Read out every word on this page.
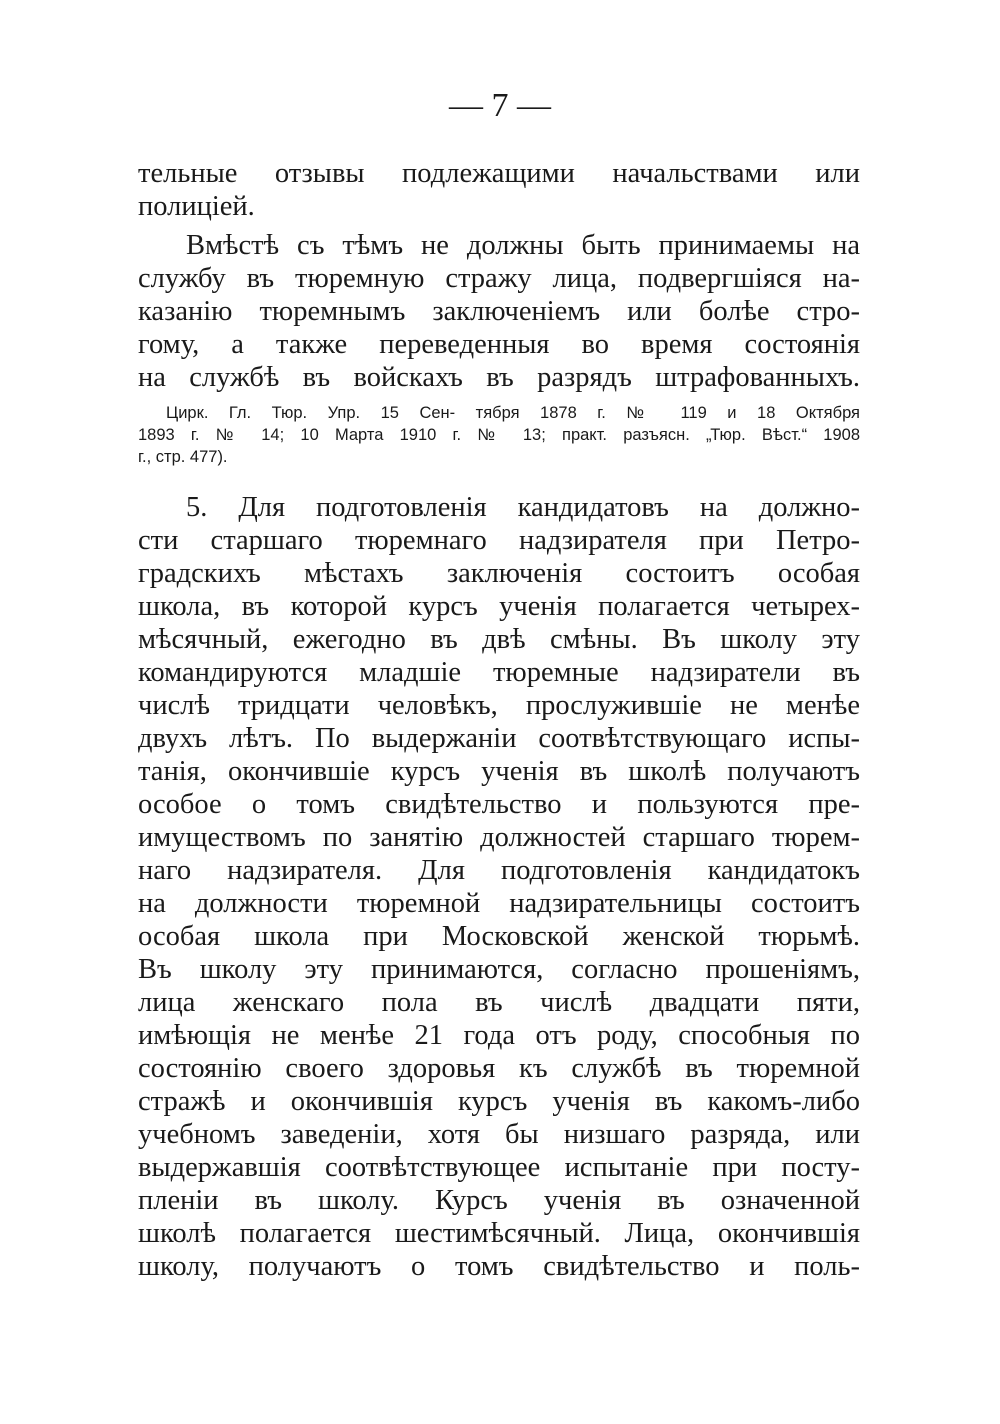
— 7 —
тельные отзывы подлежащими начальствами или
полиціей.
Вмѣстѣ съ тѣмъ не должны быть принимаемы на
службу въ тюремную стражу лица, подвергшіяся на-
казанію тюремнымъ заключеніемъ или болѣе стро-
гому, а также переведенныя во время состоянія
на службѣ въ войскахъ въ разрядъ штрафованныхъ.
Цирк. Гл. Тюр. Упр. 15 Сен- тября 1878 г. № 119 и 18 Октября
1893 г. № 14; 10 Марта 1910 г. № 13; практ. разъясн. „Тюр. Вѣст.“ 1908
г., стр. 477).
5. Для подготовленія кандидатовъ на должно-
сти старшаго тюремнаго надзирателя при Петро-
градскихъ мѣстахъ заключенія состоитъ особая
школа, въ которой курсъ ученія полагается четырех-
мѣсячный, ежегодно въ двѣ смѣны. Въ школу эту
командируются младшіе тюремные надзиратели въ
числѣ тридцати человѣкъ, прослужившіе не менѣе
двухъ лѣтъ. По выдержаніи соотвѣтствующаго испы-
танія, окончившіе курсъ ученія въ школѣ получаютъ
особое о томъ свидѣтельство и пользуются пре-
имуществомъ по занятію должностей старшаго тюрем-
наго надзирателя. Для подготовленія кандидатокъ
на должности тюремной надзирательницы состоитъ
особая школа при Московской женской тюрьмѣ.
Въ школу эту принимаются, согласно прошеніямъ,
лица женскаго пола въ числѣ двадцати пяти,
имѣющія не менѣе 21 года отъ роду, способныя по
состоянію своего здоровья къ службѣ въ тюремной
стражѣ и окончившія курсъ ученія въ какомъ-либо
учебномъ заведеніи, хотя бы низшаго разряда, или
выдержавшія соотвѣтствующее испытаніе при посту-
пленіи въ школу. Курсъ ученія въ означенной
школѣ полагается шестимѣсячный. Лица, окончившія
школу, получаютъ о томъ свидѣтельство и поль-
